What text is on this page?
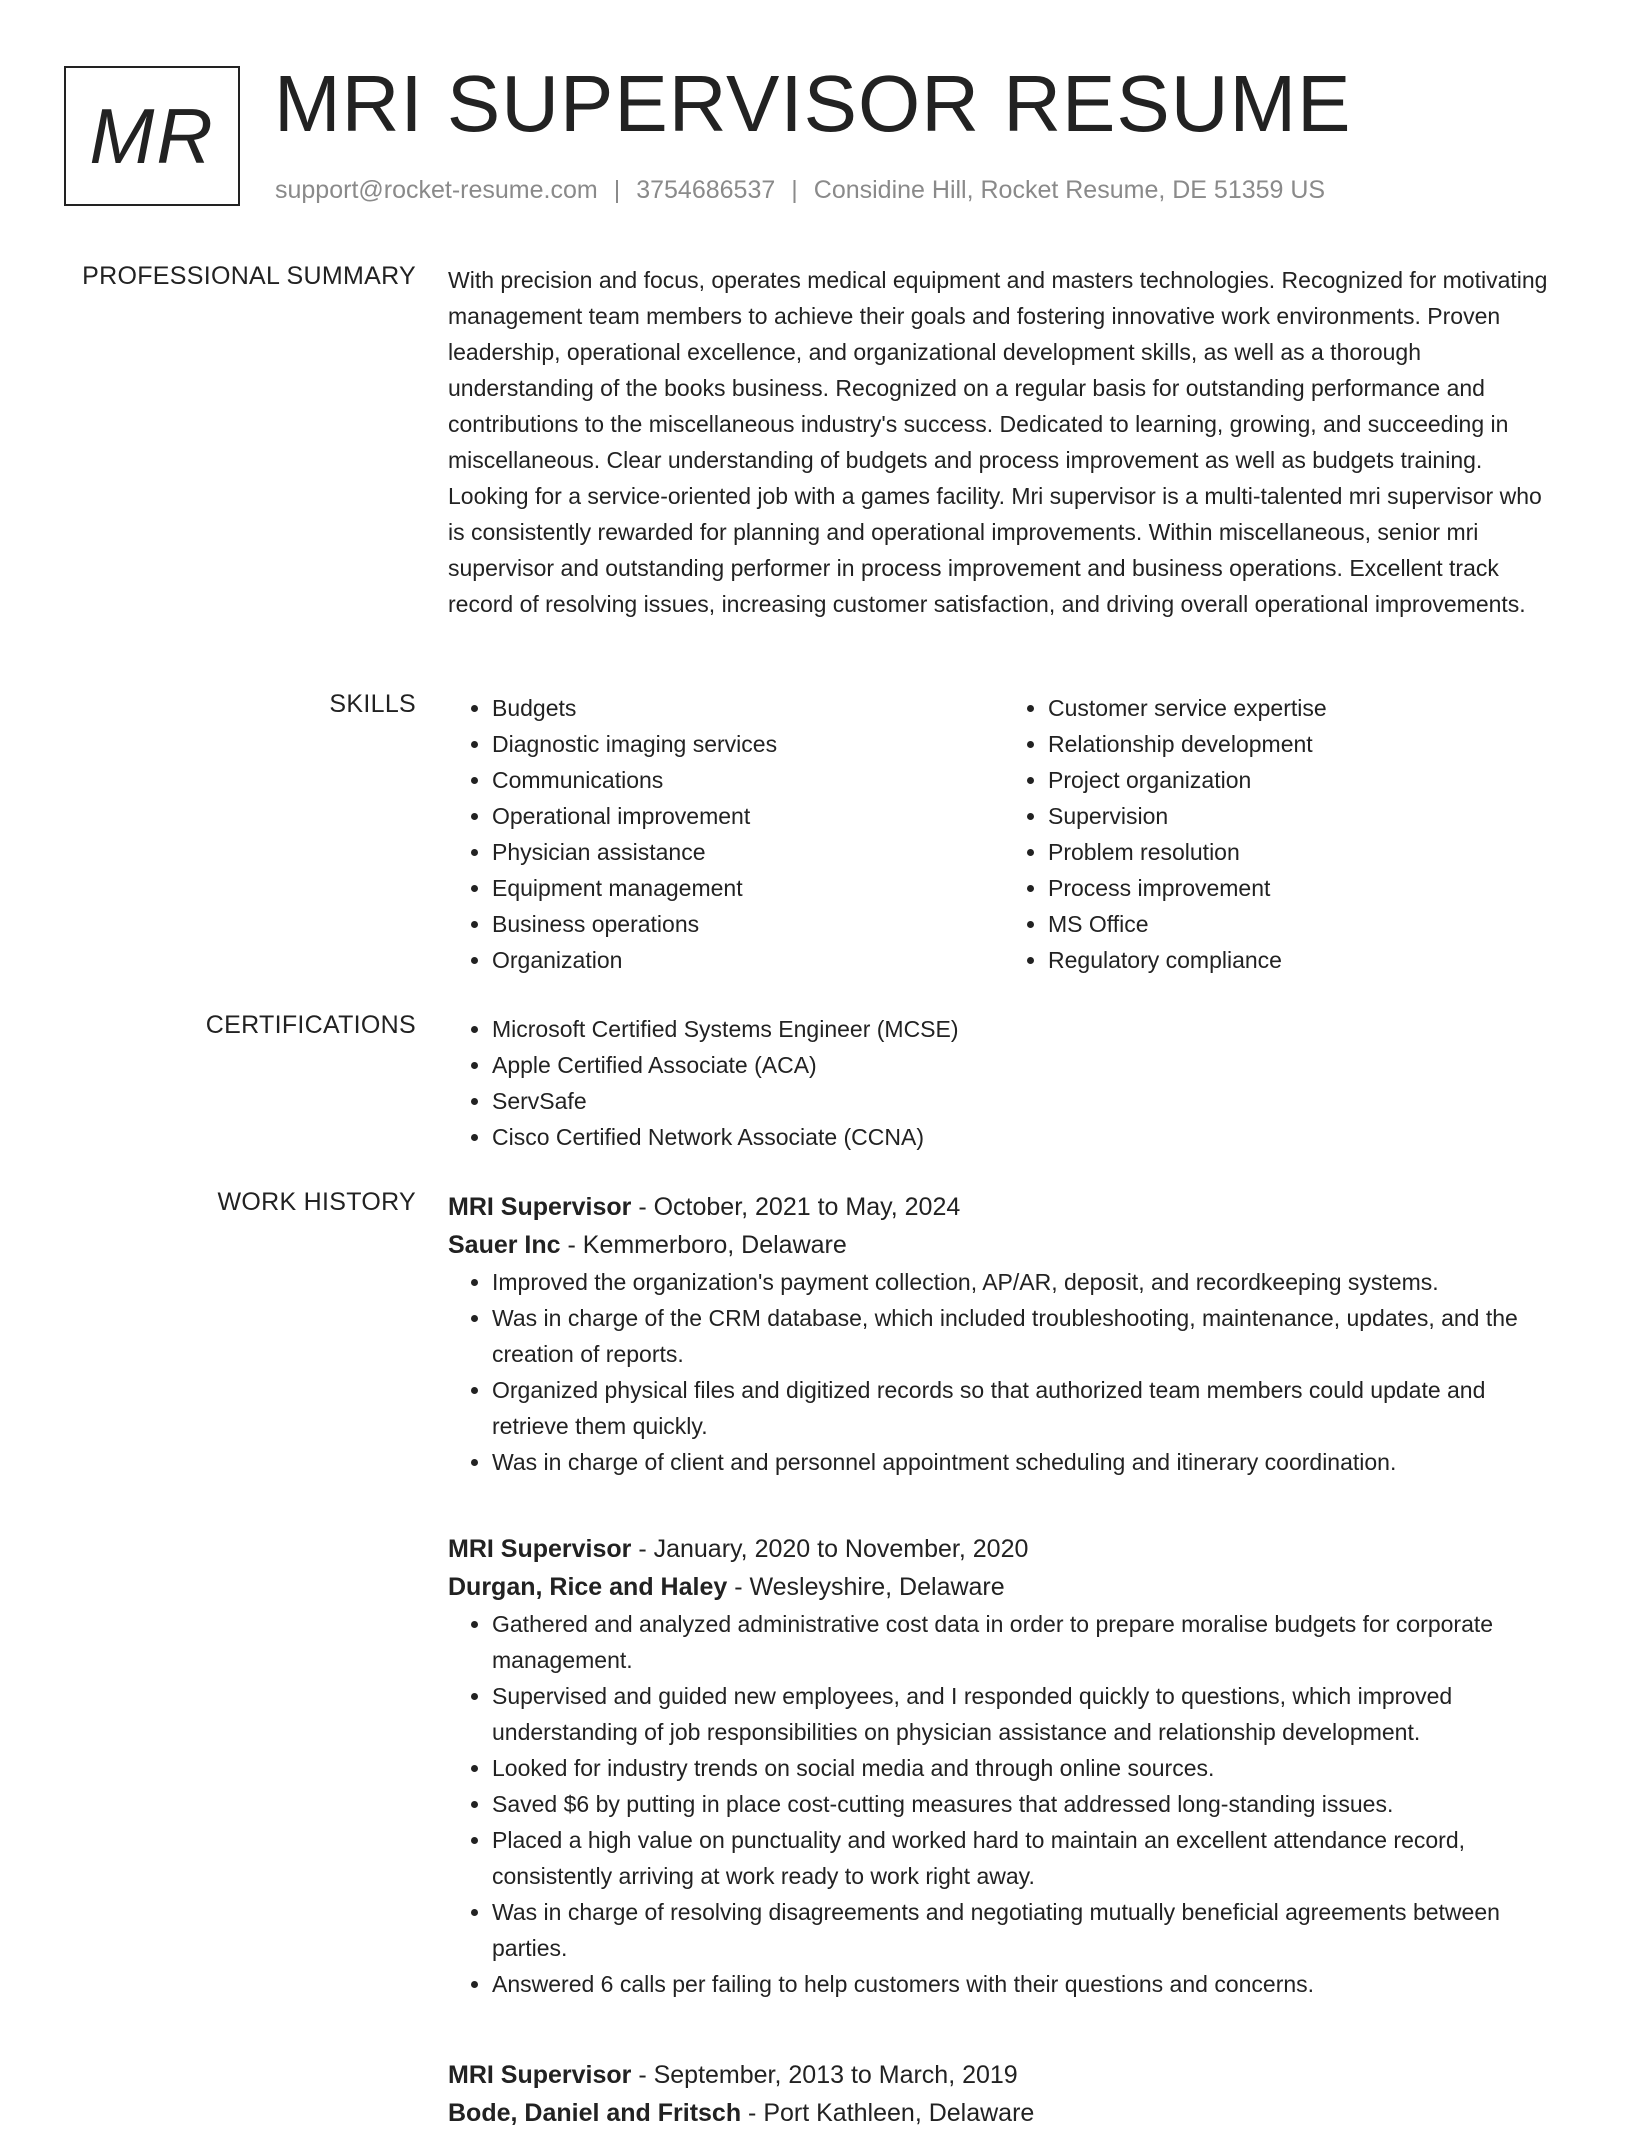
MR MRI SUPERVISOR RESUME
support@rocket-resume.com | 3754686537 | Considine Hill, Rocket Resume, DE 51359 US
PROFESSIONAL SUMMARY With precision and focus, operates medical equipment and masters technologies. Recognized for motivating management team members to achieve their goals and fostering innovative work environments. Proven leadership, operational excellence, and organizational development skills, as well as a thorough understanding of the books business. Recognized on a regular basis for outstanding performance and contributions to the miscellaneous industry's success. Dedicated to learning, growing, and succeeding in miscellaneous. Clear understanding of budgets and process improvement as well as budgets training. Looking for a service-oriented job with a games facility. Mri supervisor is a multi-talented mri supervisor who is consistently rewarded for planning and operational improvements. Within miscellaneous, senior mri supervisor and outstanding performer in process improvement and business operations. Excellent track record of resolving issues, increasing customer satisfaction, and driving overall operational improvements.

SKILLS	• Budgets
• Diagnostic imaging services
• Communications
• Operational improvement
• Physician assistance
• Equipment management
• Business operations
• Organization
• Customer service expertise
• Relationship development
• Project organization
• Supervision
• Problem resolution
• Process improvement
• MS Office
• Regulatory compliance
CERTIFICATIONS	• Microsoft Certified Systems Engineer (MCSE)
• Apple Certified Associate (ACA)
• ServSafe
• Cisco Certified Network Associate (CCNA)
WORK HISTORY MRI Supervisor - October, 2021 to May, 2024

Sauer Inc - Kemmerboro, Delaware

• Improved the organization's payment collection, AP/AR, deposit, and recordkeeping systems.
• Was in charge of the CRM database, which included troubleshooting, maintenance, updates, and the creation of reports.
• Organized physical files and digitized records so that authorized team members could update and retrieve them quickly.
• Was in charge of client and personnel appointment scheduling and itinerary coordination.

MRI Supervisor - January, 2020 to November, 2020

Durgan, Rice and Haley - Wesleyshire, Delaware

• Gathered and analyzed administrative cost data in order to prepare moralise budgets for corporate management.
• Supervised and guided new employees, and I responded quickly to questions, which improved understanding of job responsibilities on physician assistance and relationship development.
• Looked for industry trends on social media and through online sources.
• Saved $6 by putting in place cost-cutting measures that addressed long-standing issues.
• Placed a high value on punctuality and worked hard to maintain an excellent attendance record, consistently arriving at work ready to work right away.
• Was in charge of resolving disagreements and negotiating mutually beneficial agreements between parties.
• Answered 6 calls per failing to help customers with their questions and concerns.

MRI Supervisor - September, 2013 to March, 2019

Bode, Daniel and Fritsch - Port Kathleen, Delaware
